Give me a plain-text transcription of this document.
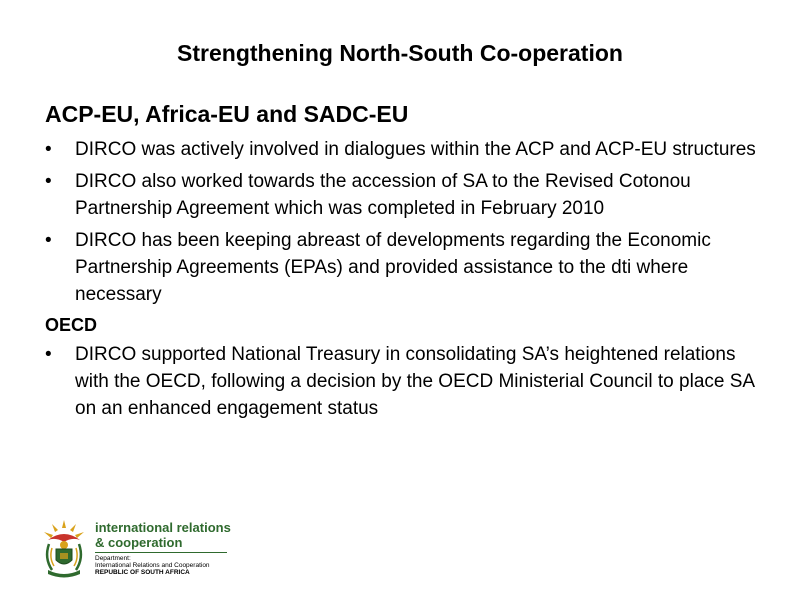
Strengthening North-South Co-operation
ACP-EU, Africa-EU and SADC-EU
•	DIRCO was actively involved in dialogues within the ACP and ACP-EU structures
•	DIRCO also worked towards the accession of SA to the Revised Cotonou Partnership Agreement which was completed in February 2010
•	DIRCO has been keeping abreast of developments regarding the Economic Partnership Agreements (EPAs) and provided assistance to the dti where necessary
OECD
•	DIRCO supported National Treasury in consolidating SA’s heightened relations with the OECD, following a decision by the OECD Ministerial Council to place SA on an enhanced engagement status
international relations
& cooperation
Department:
International Relations and Cooperation
REPUBLIC OF SOUTH AFRICA
